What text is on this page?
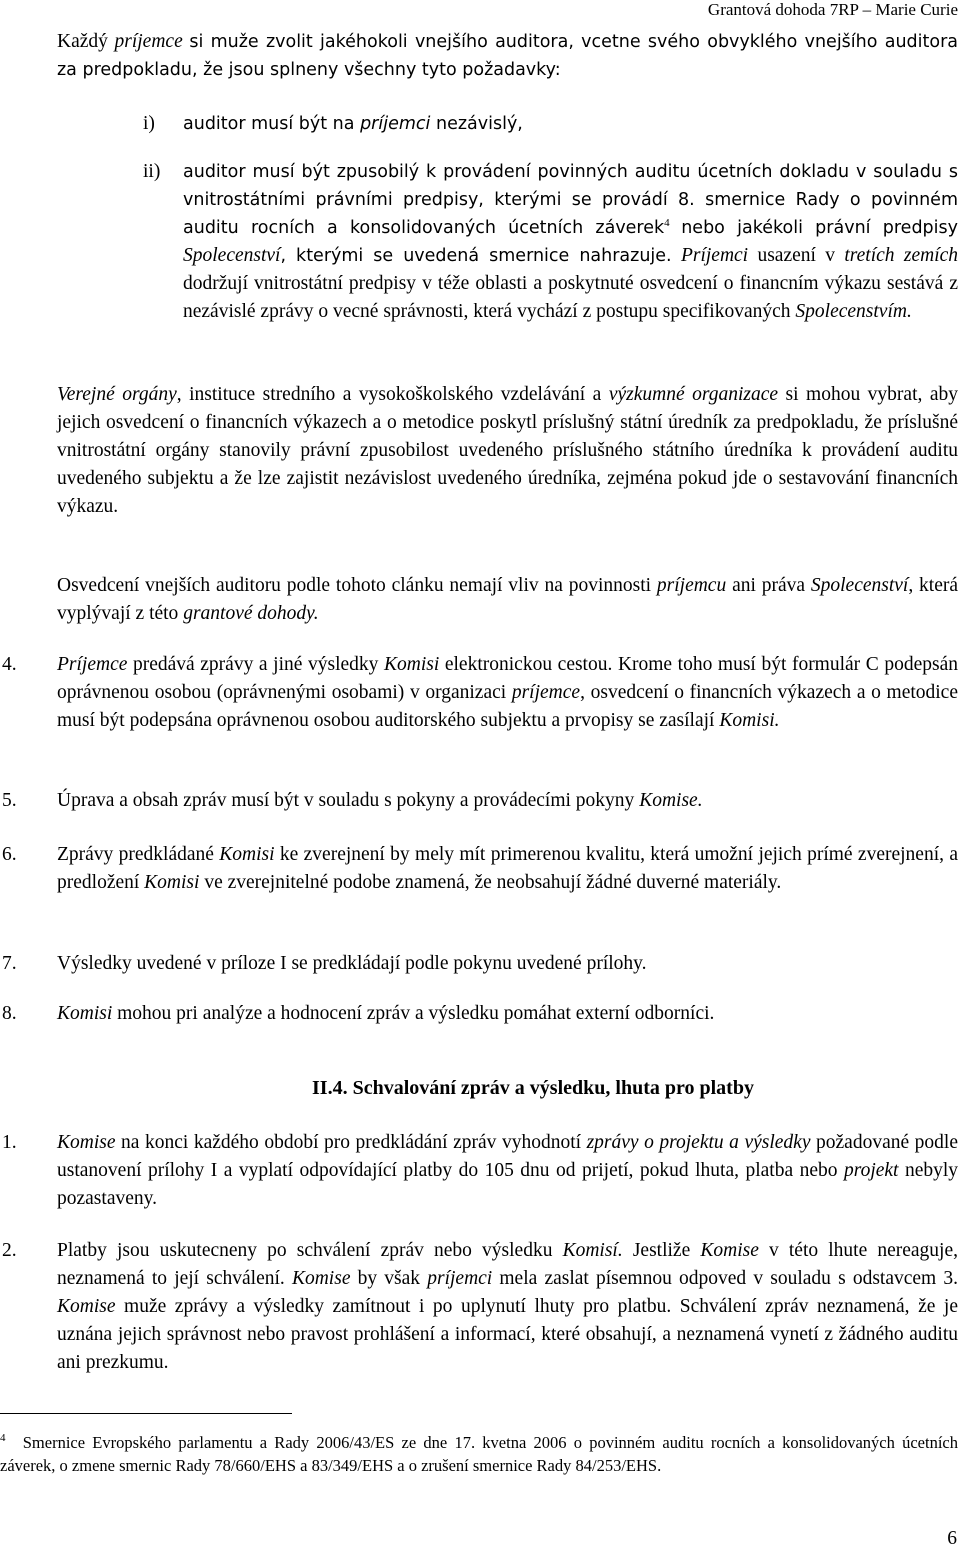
Grantová dohoda 7RP – Marie Curie

Každý príjemce si muže zvolit jakéhokoli vnejšího auditora, vcetne svého obvyklého vnejšího auditora za predpokladu, že jsou splneny všechny tyto požadavky:

i) auditor musí být na príjemci nezávislý,
ii) auditor musí být zpusobilý k provádení povinných auditu úcetních dokladu v souladu s vnitrostátními právními predpisy, kterými se provádí 8. smernice Rady o povinném auditu rocních a konsolidovaných úcetních záverek$^4$ nebo jakékoli právní predpisy Spolecenství, kterými se uvedená smernice nahrazuje. Príjemci usazení v tretích zemích dodržují vnitrostátní predpisy v téže oblasti a poskytnuté osvedcení o financním výkazu sestává z nezávislé zprávy o vecné správnosti, která vychází z postupu specifikovaných Spolecenstvím.

Verejné orgány, instituce stredního a vysokoškolského vzdelávání a výzkumné organizace si mohou vybrat, aby jejich osvedcení o financních výkazech a o metodice poskytl príslušný státní úredník za predpokladu, že príslušné vnitrostátní orgány stanovily právní zpusobilost uvedeného príslušného státního úredníka k provádení auditu uvedeného subjektu a že lze zajistit nezávislost uvedeného úredníka, zejména pokud jde o sestavování financních výkazu.

Osvedcení vnejších auditoru podle tohoto clánku nemají vliv na povinnosti príjemcu ani práva Spolecenství, která vyplývají z této grantové dohody.

4. Príjemce predává zprávy a jiné výsledky Komisi elektronickou cestou. Krome toho musí být formulár C podepsán oprávnenou osobou (oprávnenými osobami) v organizaci príjemce, osvedcení o financních výkazech a o metodice musí být podepsána oprávnenou osobou auditorského subjektu a prvopisy se zasílají Komisi.

5. Úprava a obsah zpráv musí být v souladu s pokyny a provádecími pokyny Komise.

6. Zprávy predkládané Komisi ke zverejnení by mely mít primerenou kvalitu, která umožní jejich prímé zverejnení, a predložení Komisi ve zverejnitelné podobe znamená, že neobsahují žádné duverné materiály.

7. Výsledky uvedené v príloze I se predkládají podle pokynu uvedené prílohy.

8. Komisi mohou pri analýze a hodnocení zpráv a výsledku pomáhat externí odborníci.

II.4. Schvalování zpráv a výsledku, lhuta pro platby
1. Komise na konci každého období pro predkládání zpráv vyhodnotí zprávy o projektu a výsledky požadované podle ustanovení prílohy I a vyplatí odpovídající platby do 105 dnu od prijetí, pokud lhuta, platba nebo projekt nebyly pozastaveny.

2. Platby jsou uskutecneny po schválení zpráv nebo výsledku Komisí. Jestliže Komise v této lhute nereaguje, neznamená to její schválení. Komise by však príjemci mela zaslat písemnou odpoved v souladu s odstavcem 3. Komise muže zprávy a výsledky zamítnout i po uplynutí lhuty pro platbu. Schválení zpráv neznamená, že je uznána jejich správnost nebo pravost prohlášení a informací, které obsahují, a neznamená vynetí z žádného auditu ani prezkumu.

$^4$ Smernice Evropského parlamentu a Rady 2006/43/ES ze dne 17. kvetna 2006 o povinném auditu rocních a konsolidovaných úcetních záverek, o zmene smernic Rady 78/660/EHS a 83/349/EHS a o zrušení smernice Rady 84/253/EHS.
6
